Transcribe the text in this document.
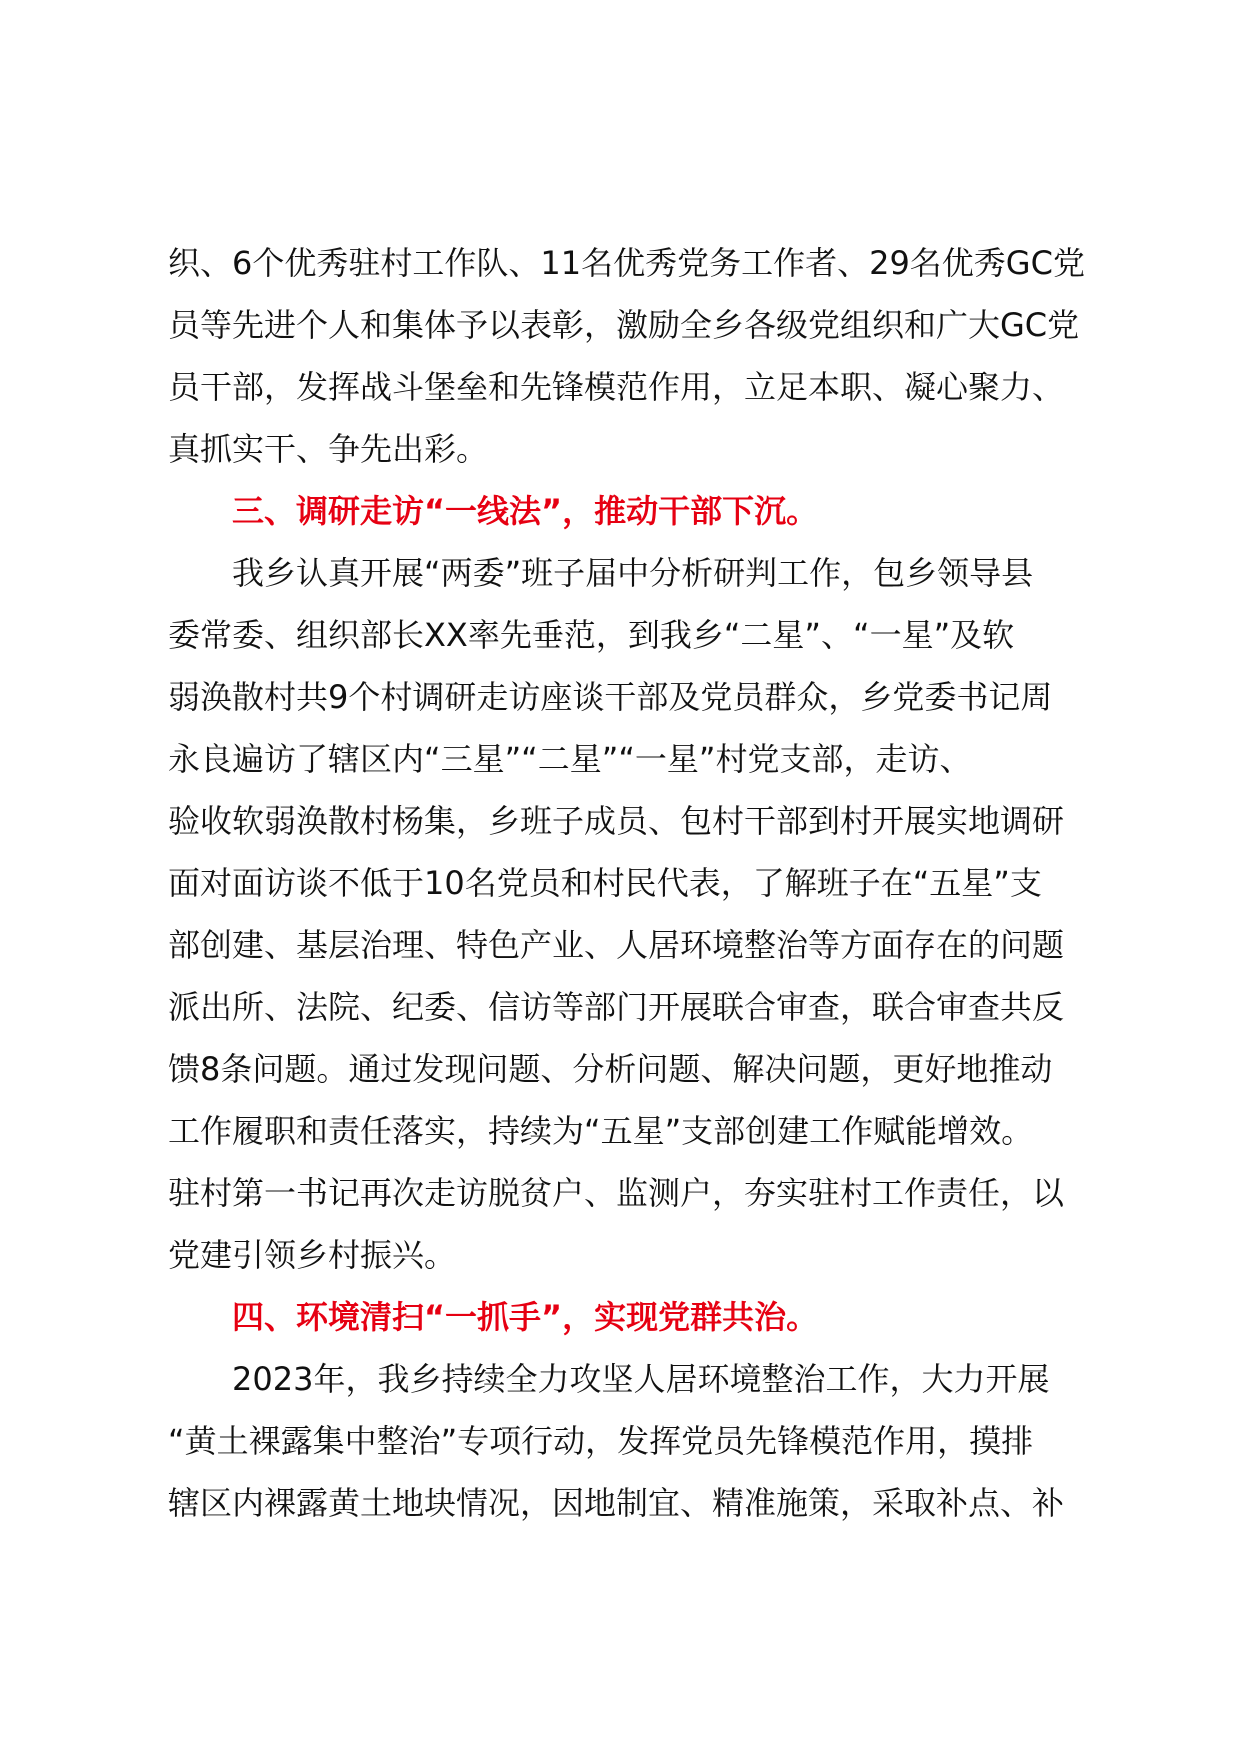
织、6个优秀驻村工作队、11名优秀党务工作者、29名优秀GC党
员等先进个人和集体予以表彰，激励全乡各级党组织和广大GC党
员干部，发挥战斗堡垒和先锋模范作用，立足本职、凝心聚力、
真抓实干、争先出彩。
三、调研走访“一线法”，推动干部下沉。
我乡认真开展“两委”班子届中分析研判工作，包乡领导县
委常委、组织部长XX率先垂范，到我乡“二星”、“一星”及软
弱涣散村共9个村调研走访座谈干部及党员群众，乡党委书记周
永良遍访了辖区内“三星”“二星”“一星”村党支部，走访、
验收软弱涣散村杨集，乡班子成员、包村干部到村开展实地调研
面对面访谈不低于10名党员和村民代表，了解班子在“五星”支
部创建、基层治理、特色产业、人居环境整治等方面存在的问题
派出所、法院、纪委、信访等部门开展联合审查，联合审查共反
馈8条问题。通过发现问题、分析问题、解决问题，更好地推动
工作履职和责任落实，持续为“五星”支部创建工作赋能增效。
驻村第一书记再次走访脱贫户、监测户，夯实驻村工作责任，以
党建引领乡村振兴。
四、环境清扫“一抓手”，实现党群共治。
2023年，我乡持续全力攻坚人居环境整治工作，大力开展
“黄土裸露集中整治”专项行动，发挥党员先锋模范作用，摸排
辖区内裸露黄土地块情况，因地制宜、精准施策，采取补点、补
